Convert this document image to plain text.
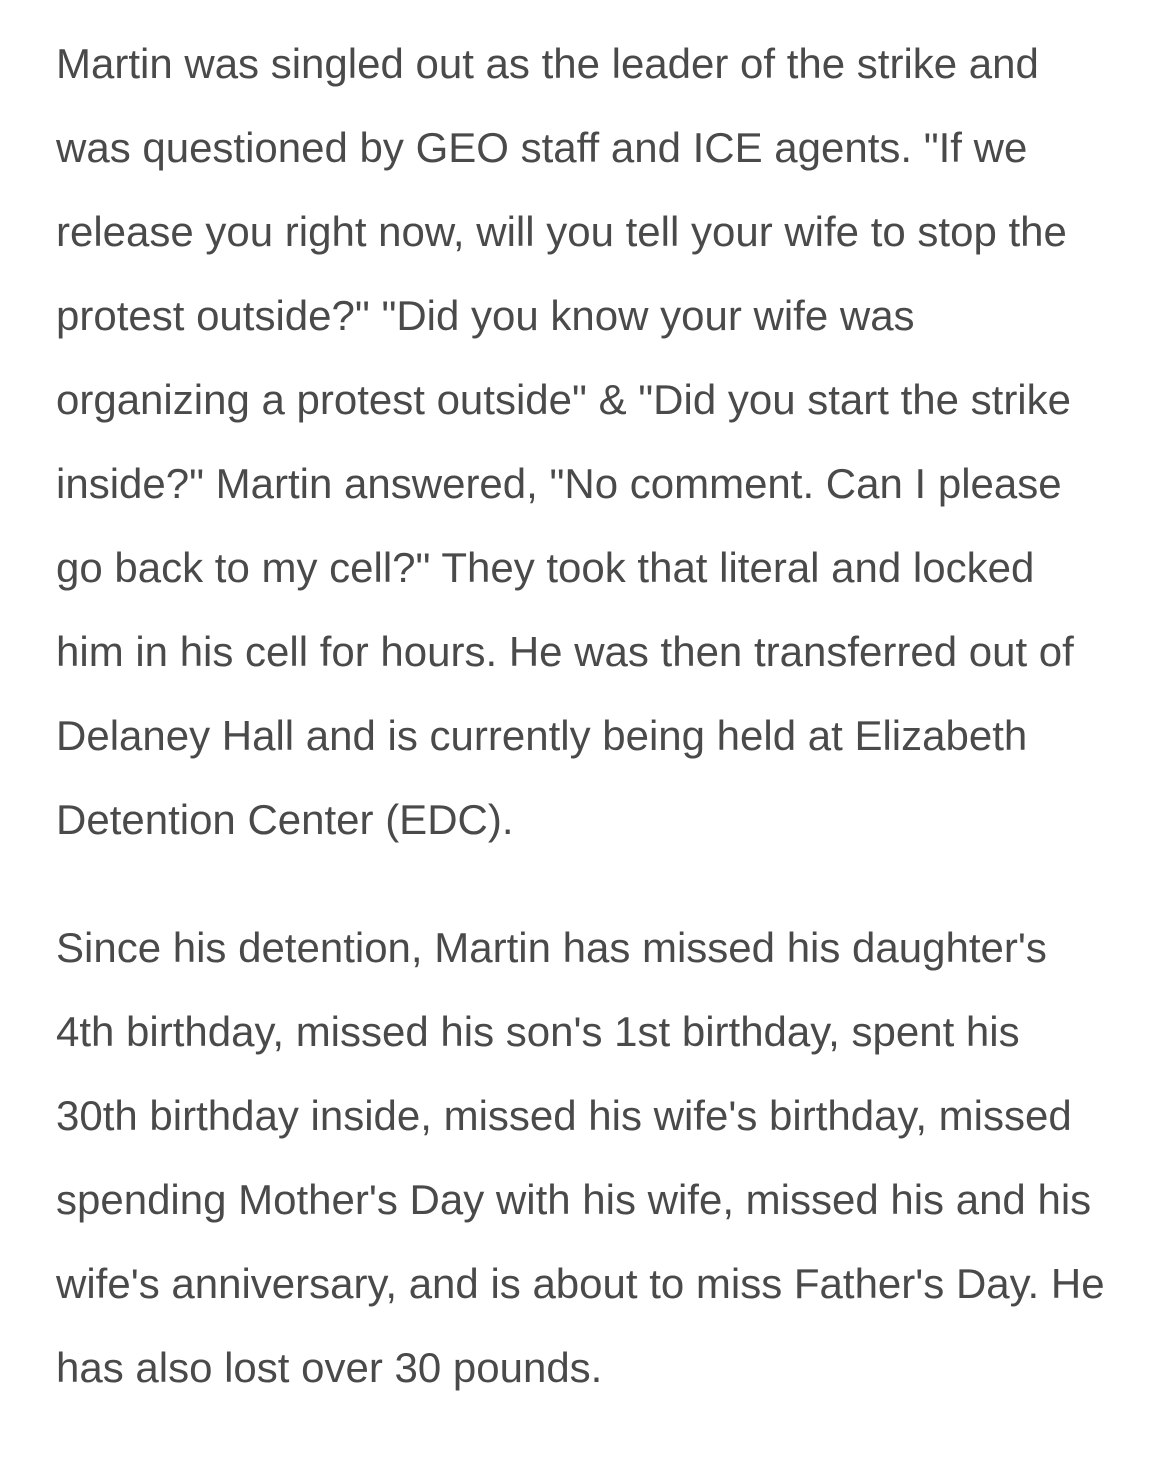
Martin was singled out as the leader of the strike and
was questioned by GEO staff and ICE agents. "If we
release you right now, will you tell your wife to stop the
protest outside?" "Did you know your wife was
organizing a protest outside" & "Did you start the strike
inside?" Martin answered, "No comment. Can I please
go back to my cell?" They took that literal and locked
him in his cell for hours. He was then transferred out of
Delaney Hall and is currently being held at Elizabeth
Detention Center (EDC).

Since his detention, Martin has missed his daughter's
4th birthday, missed his son's 1st birthday, spent his
30th birthday inside, missed his wife's birthday, missed
spending Mother's Day with his wife, missed his and his
wife's anniversary, and is about to miss Father's Day. He
has also lost over 30 pounds.
